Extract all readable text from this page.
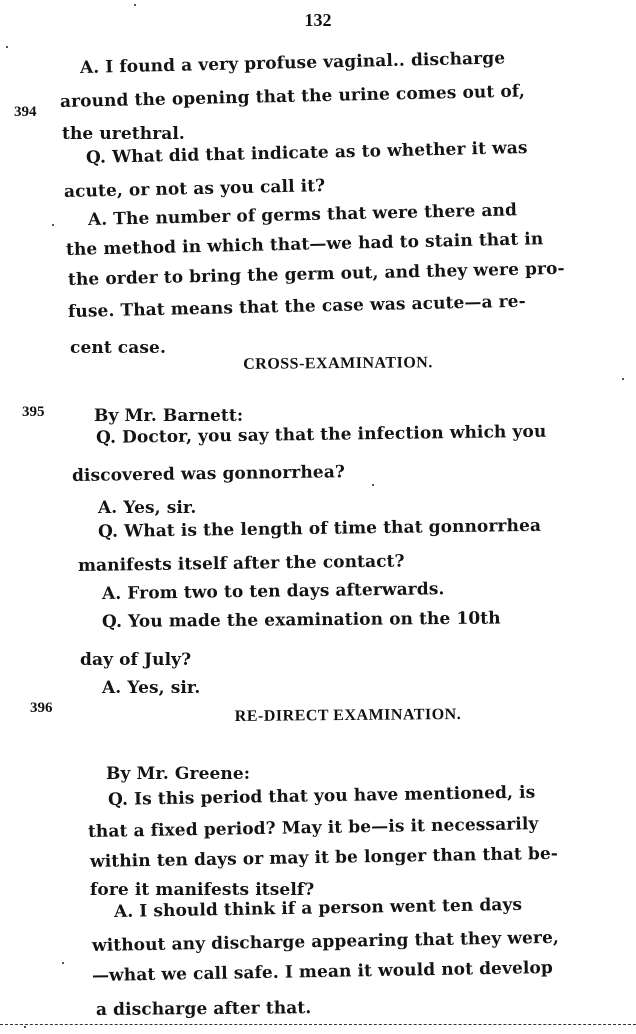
132
394
395
396
A. I found a very profuse vaginal.. discharge
around the opening that the urine comes out of,
the urethral.
Q. What did that indicate as to whether it was
acute, or not as you call it?
A. The number of germs that were there and
the method in which that—we had to stain that in
the order to bring the germ out, and they were pro-
fuse. That means that the case was acute—a re-
cent case.
CROSS-EXAMINATION.
By Mr. Barnett:
Q. Doctor, you say that the infection which you
discovered was gonnorrhea?
A. Yes, sir.
Q. What is the length of time that gonnorrhea
manifests itself after the contact?
A. From two to ten days afterwards.
Q. You made the examination on the 10th
day of July?
A. Yes, sir.
RE-DIRECT EXAMINATION.
By Mr. Greene:
Q. Is this period that you have mentioned, is
that a fixed period? May it be—is it necessarily
within ten days or may it be longer than that be-
fore it manifests itself?
A. I should think if a person went ten days
without any discharge appearing that they were,
—what we call safe. I mean it would not develop
a discharge after that.
